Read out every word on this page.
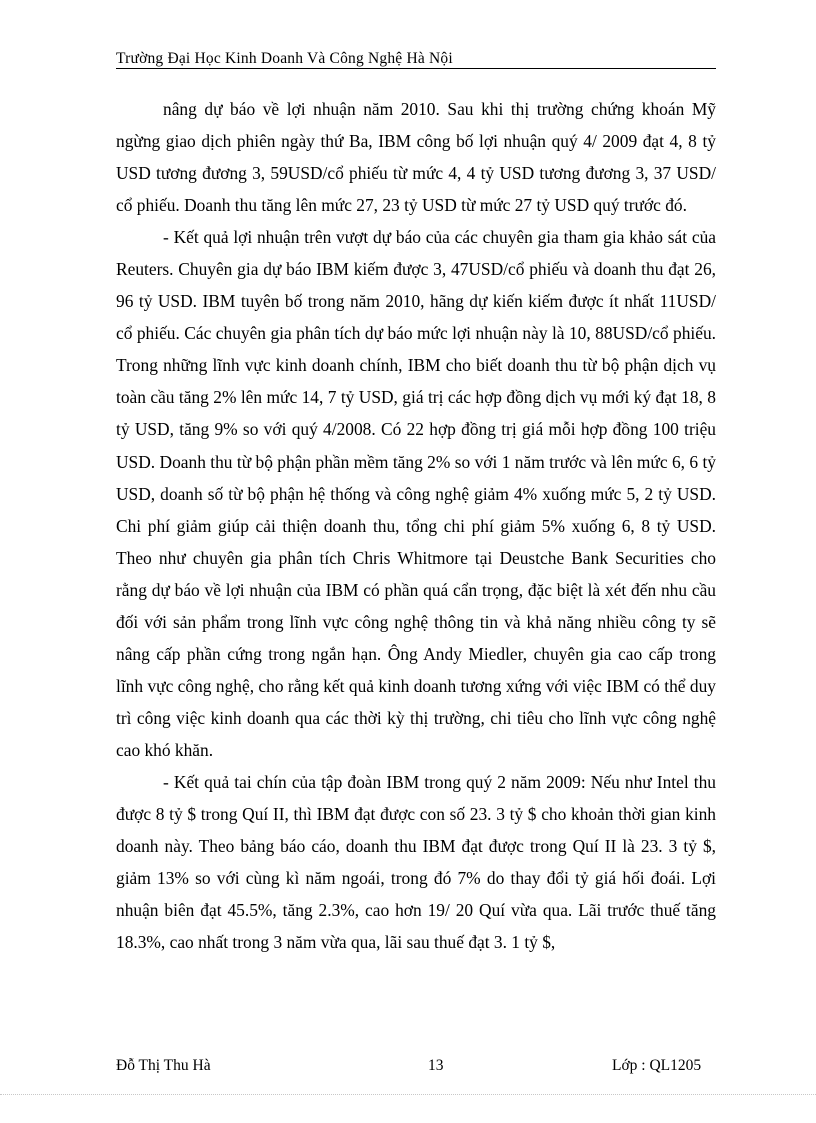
Trường Đại Học Kinh Doanh Và Công Nghệ Hà Nội

nâng dự báo về lợi nhuận năm 2010. Sau khi thị trường chứng khoán Mỹ ngừng giao dịch phiên ngày thứ Ba, IBM công bố lợi nhuận quý 4/ 2009 đạt 4, 8 tỷ USD tương đương 3, 59USD/cổ phiếu từ mức 4, 4 tỷ USD tương đương 3, 37 USD/ cổ phiếu. Doanh thu tăng lên mức 27, 23 tỷ USD từ mức 27 tỷ USD quý trước đó.

- Kết quả lợi nhuận trên vượt dự báo của các chuyên gia tham gia khảo sát của Reuters. Chuyên gia dự báo IBM kiếm được 3, 47USD/cổ phiếu và doanh thu đạt 26, 96 tỷ USD. IBM tuyên bố trong năm 2010, hãng dự kiến kiếm được ít nhất 11USD/ cổ phiếu. Các chuyên gia phân tích dự báo mức lợi nhuận này là 10, 88USD/cổ phiếu. Trong những lĩnh vực kinh doanh chính, IBM cho biết doanh thu từ bộ phận dịch vụ toàn cầu tăng 2% lên mức 14, 7 tỷ USD, giá trị các hợp đồng dịch vụ mới ký đạt 18, 8 tỷ USD, tăng 9% so với quý 4/2008. Có 22 hợp đồng trị giá mỗi hợp đồng 100 triệu USD. Doanh thu từ bộ phận phần mềm tăng 2% so với 1 năm trước và lên mức 6, 6 tỷ USD, doanh số từ bộ phận hệ thống và công nghệ giảm 4% xuống mức 5, 2 tỷ USD. Chi phí giảm giúp cải thiện doanh thu, tổng chi phí giảm 5% xuống 6, 8 tỷ USD. Theo như chuyên gia phân tích Chris Whitmore tại Deustche Bank Securities cho rằng dự báo về lợi nhuận của IBM có phần quá cẩn trọng, đặc biệt là xét đến nhu cầu đối với sản phẩm trong lĩnh vực công nghệ thông tin và khả năng nhiều công ty sẽ nâng cấp phần cứng trong ngắn hạn. Ông Andy Miedler, chuyên gia cao cấp trong lĩnh vực công nghệ, cho rằng kết quả kinh doanh tương xứng với việc IBM có thể duy trì công việc kinh doanh qua các thời kỳ thị trường, chi tiêu cho lĩnh vực công nghệ cao khó khăn.

- Kết quả tai chín của tập đoàn IBM trong quý 2 năm 2009: Nếu như Intel thu được 8 tỷ $ trong Quí II, thì IBM đạt được con số 23. 3 tỷ $ cho khoản thời gian kinh doanh này. Theo bảng báo cáo, doanh thu IBM đạt được trong Quí II là 23. 3 tỷ $, giảm 13% so với cùng kì năm ngoái, trong đó 7% do thay đổi tỷ giá hối đoái. Lợi nhuận biên đạt 45.5%, tăng 2.3%, cao hơn 19/ 20 Quí vừa qua. Lãi trước thuế tăng 18.3%, cao nhất trong 3 năm vừa qua, lãi sau thuế đạt 3. 1 tỷ $,

Đỗ Thị Thu Hà	13	Lớp : QL1205
